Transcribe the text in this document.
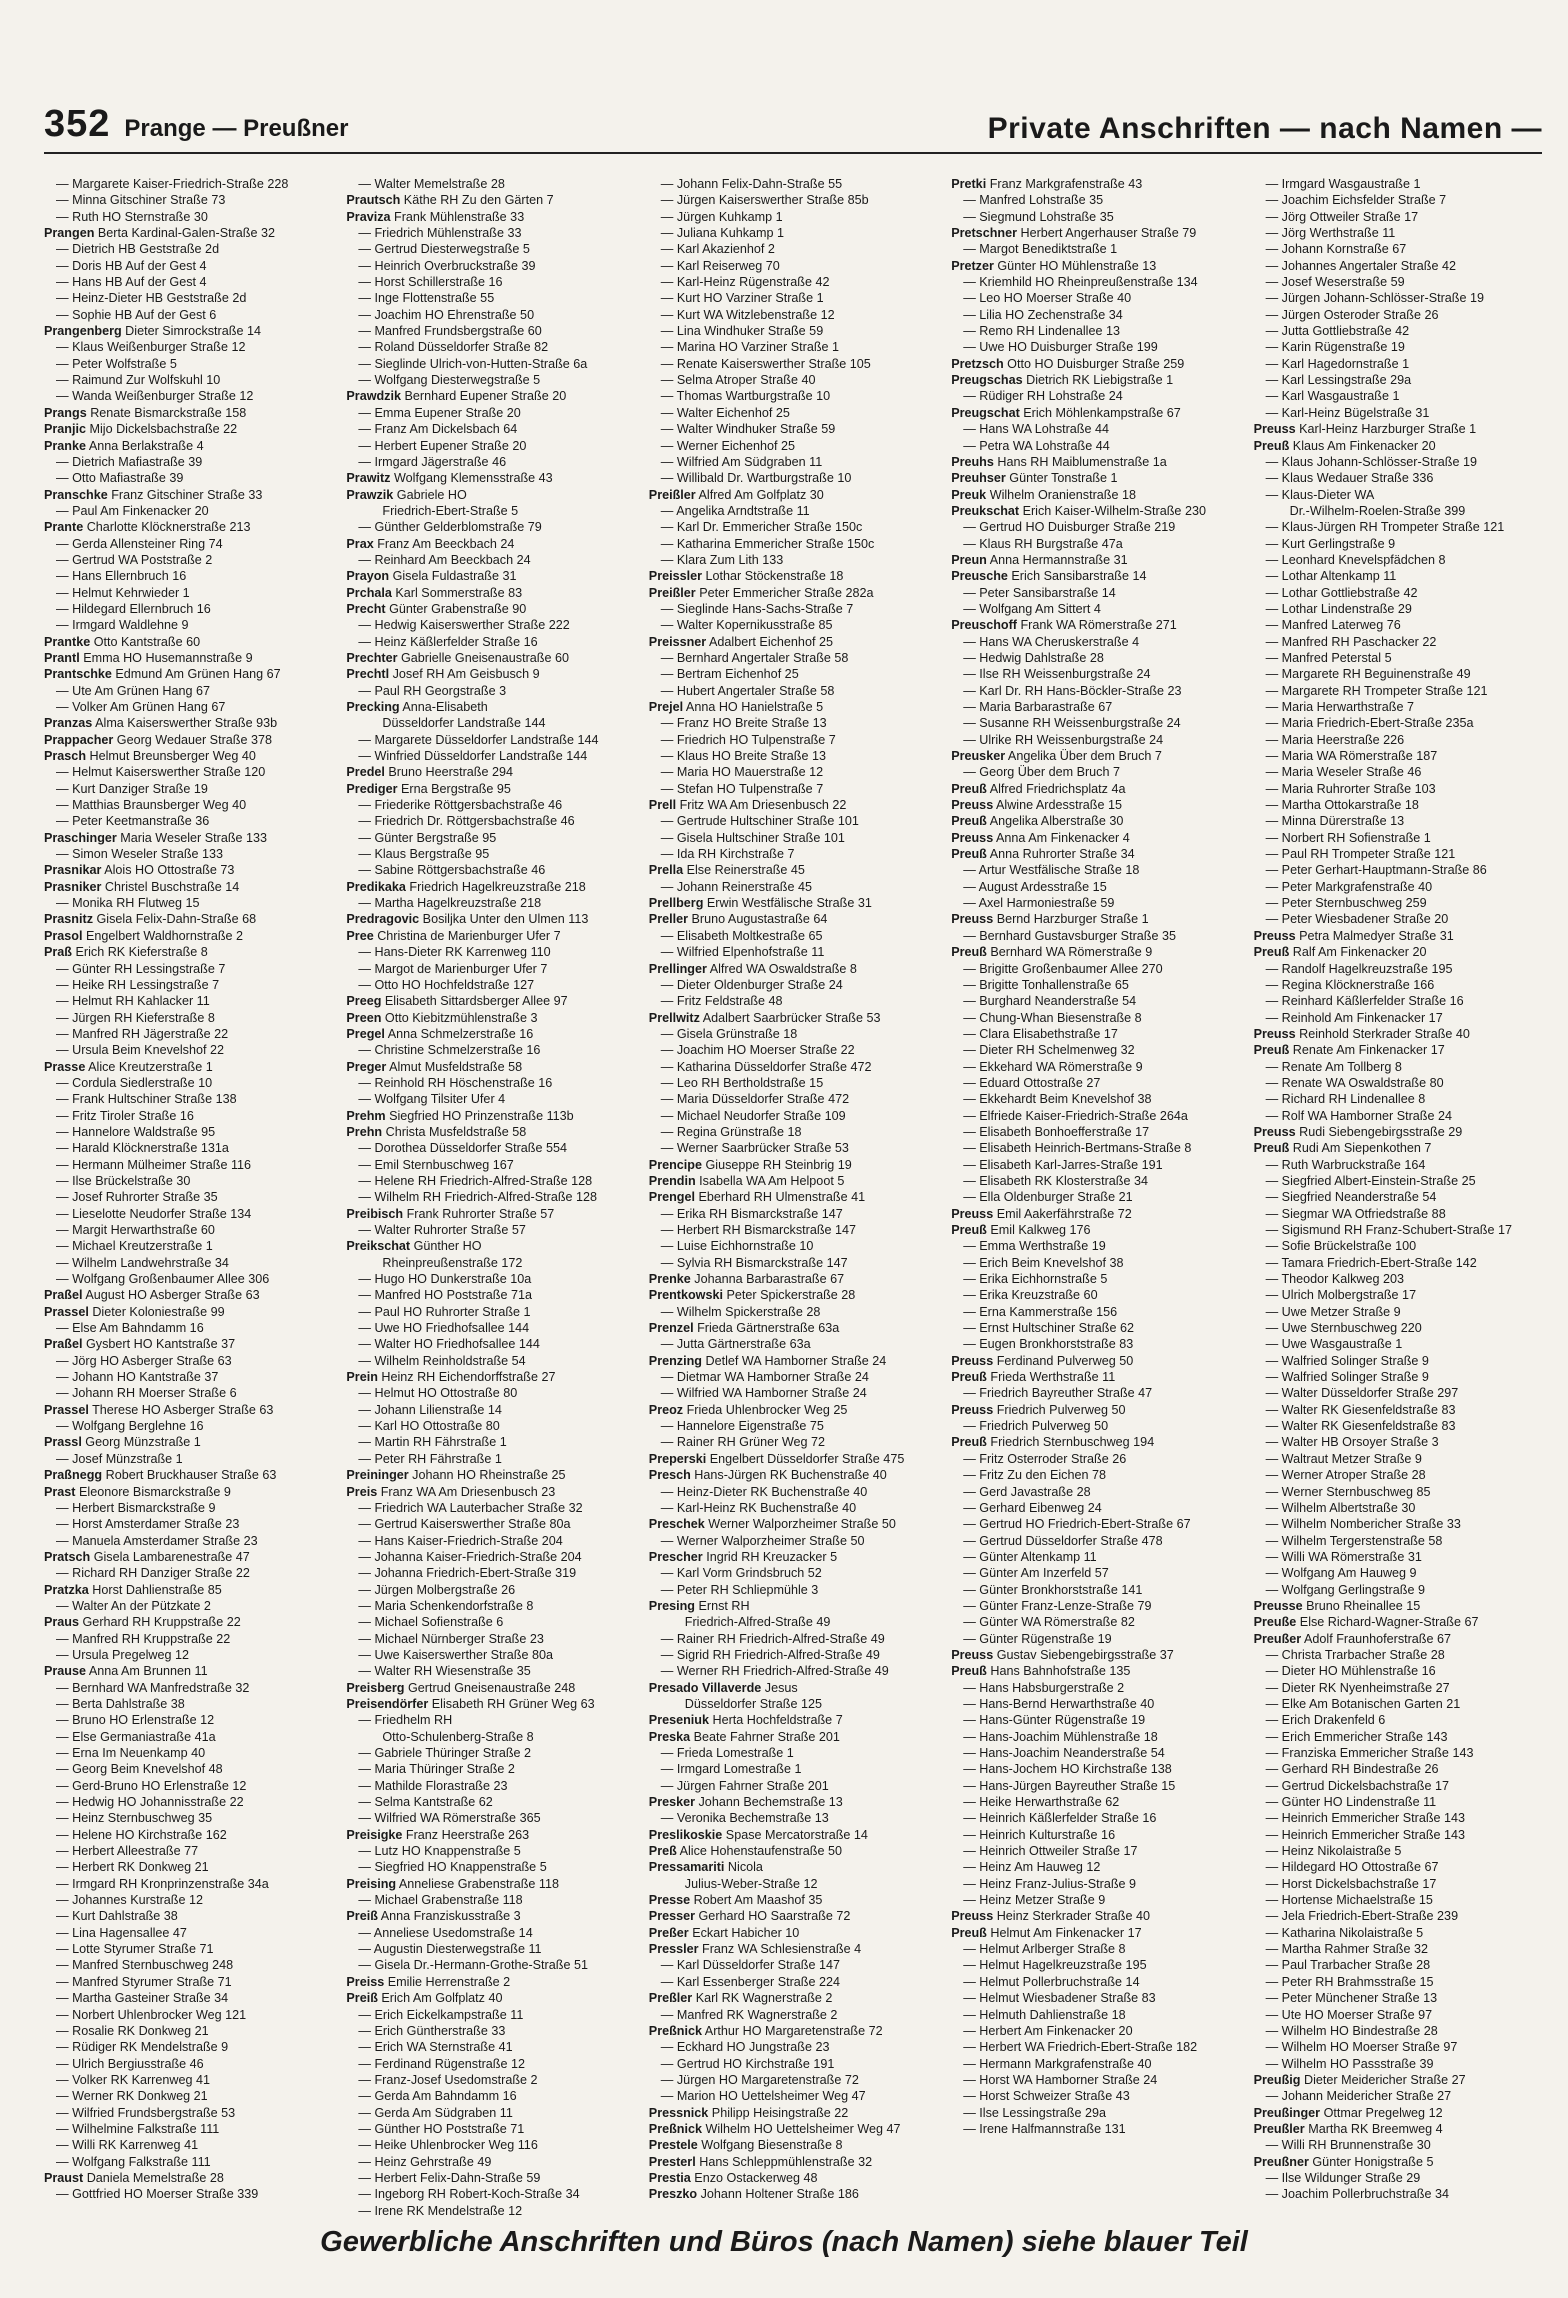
352 Prange — Preußner	Private Anschriften — nach Namen —
— Margarete Kaiser-Friedrich-Straße 228
— Minna Gitschiner Straße 73
— Ruth HO Sternstraße 30
Prangen Berta Kardinal-Galen-Straße 32
— Dietrich HB Geststraße 2d
— Doris HB Auf der Gest 4
— Hans HB Auf der Gest 4
— Heinz-Dieter HB Geststraße 2d
— Sophie HB Auf der Gest 6
Prangenberg Dieter Simrockstraße 14
— Klaus Weißenburger Straße 12
— Peter Wolfstraße 5
— Raimund Zur Wolfskuhl 10
— Wanda Weißenburger Straße 12
Prangs Renate Bismarckstraße 158
Pranjic Mijo Dickelsbachstraße 22
Pranke Anna Berlakstraße 4
— Dietrich Mafiastraße 39
— Otto Mafiastraße 39
Pranschke Franz Gitschiner Straße 33
— Paul Am Finkenacker 20
Prante Charlotte Klöcknerstraße 213
— Gerda Allensteiner Ring 74
— Gertrud WA Poststraße 2
— Hans Ellernbruch 16
— Helmut Kehrwieder 1
— Hildegard Ellernbruch 16
— Irmgard Waldlehne 9
Prantke Otto Kantstraße 60
Prantl Emma HO Husemannstraße 9
Prantschke Edmund Am Grünen Hang 67
— Ute Am Grünen Hang 67
— Volker Am Grünen Hang 67
Pranzas Alma Kaiserswerther Straße 93b
Prappacher Georg Wedauer Straße 378
Prasch Helmut Breunsberger Weg 40
— Helmut Kaiserswerther Straße 120
— Kurt Danziger Straße 19
— Matthias Braunsberger Weg 40
— Peter Keetmanstraße 36
Praschinger Maria Weseler Straße 133
— Simon Weseler Straße 133
Prasnikar Alois HO Ottostraße 73
Prasniker Christel Buschstraße 14
— Monika RH Flutweg 15
Prasnitz Gisela Felix-Dahn-Straße 68
Prasol Engelbert Waldhornstraße 2
Praß Erich RK Kieferstraße 8
— Günter RH Lessingstraße 7
— Heike RH Lessingstraße 7
— Helmut RH Kahlacker 11
— Jürgen RH Kieferstraße 8
— Manfred RH Jägerstraße 22
— Ursula Beim Knevelshof 22
Prasse Alice Kreutzerstraße 1
— Cordula Siedlerstraße 10
— Frank Hultschiner Straße 138
— Fritz Tiroler Straße 16
— Hannelore Waldstraße 95
— Harald Klöcknerstraße 131a
— Hermann Mülheimer Straße 116
— Ilse Brückelstraße 30
— Josef Ruhrorter Straße 35
— Lieselotte Neudorfer Straße 134
— Margit Herwarthstraße 60
— Michael Kreutzerstraße 1
— Wilhelm Landwehrstraße 34
— Wolfgang Großenbaumer Allee 306
Praßel August HO Asberger Straße 63
Prassel Dieter Koloniestraße 99
— Else Am Bahndamm 16
Praßel Gysbert HO Kantstraße 37
— Jörg HO Asberger Straße 63
— Johann HO Kantstraße 37
— Johann RH Moerser Straße 6
Prassel Therese HO Asberger Straße 63
— Wolfgang Berglehne 16
Prassl Georg Münzstraße 1
— Josef Münzstraße 1
Praßnegg Robert Bruckhauser Straße 63
Prast Eleonore Bismarckstraße 9
— Herbert Bismarckstraße 9
— Horst Amsterdamer Straße 23
— Manuela Amsterdamer Straße 23
Pratsch Gisela Lambarenestraße 47
— Richard RH Danziger Straße 22
Pratzka Horst Dahlienstraße 85
— Walter An der Pützkate 2
Praus Gerhard RH Kruppstraße 22
— Manfred RH Kruppstraße 22
— Ursula Pregelweg 12
Prause Anna Am Brunnen 11
— Bernhard WA Manfredstraße 32
— Berta Dahlstraße 38
— Bruno HO Erlenstraße 12
— Else Germaniastraße 41a
— Erna Im Neuenkamp 40
— Georg Beim Knevelshof 48
— Gerd-Bruno HO Erlenstraße 12
— Hedwig HO Johannisstraße 22
— Heinz Sternbuschweg 35
— Helene HO Kirchstraße 162
— Herbert Alleestraße 77
— Herbert RK Donkweg 21
— Irmgard RH Kronprinzenstraße 34a
— Johannes Kurstraße 12
— Kurt Dahlstraße 38
— Lina Hagensallee 47
— Lotte Styrumer Straße 71
— Manfred Sternbuschweg 248
— Manfred Styrumer Straße 71
— Martha Gasteiner Straße 34
— Norbert Uhlenbrocker Weg 121
— Rosalie RK Donkweg 21
— Rüdiger RK Mendelstraße 9
— Ulrich Bergiusstraße 46
— Volker RK Karrenweg 41
— Werner RK Donkweg 21
— Wilfried Frundsbergstraße 53
— Wilhelmine Falkstraße 111
— Willi RK Karrenweg 41
— Wolfgang Falkstraße 111
Praust Daniela Memelstraße 28
— Gottfried HO Moerser Straße 339
— Walter Memelstraße 28
Prautsch Käthe RH Zu den Gärten 7
Praviza Frank Mühlenstraße 33
— Friedrich Mühlenstraße 33
— Gertrud Diesterwegstraße 5
— Heinrich Overbruckstraße 39
— Horst Schillerstraße 16
— Inge Flottenstraße 55
— Joachim HO Ehrenstraße 50
— Manfred Frundsbergstraße 60
— Roland Düsseldorfer Straße 82
— Sieglinde Ulrich-von-Hutten-Straße 6a
— Wolfgang Diesterwegstraße 5
Prawdzik Bernhard Eupener Straße 20
— Emma Eupener Straße 20
— Franz Am Dickelsbach 64
— Herbert Eupener Straße 20
— Irmgard Jägerstraße 46
Prawitz Wolfgang Klemensstraße 43
Prawzik Gabriele HO
Friedrich-Ebert-Straße 5
— Günther Gelderblomstraße 79
Prax Franz Am Beeckbach 24
— Reinhard Am Beeckbach 24
Prayon Gisela Fuldastraße 31
Prchala Karl Sommerstraße 83
Precht Günter Grabenstraße 90
— Hedwig Kaiserswerther Straße 222
— Heinz Käßlerfelder Straße 16
Prechter Gabrielle Gneisenaustraße 60
Prechtl Josef RH Am Geisbusch 9
— Paul RH Georgstraße 3
Precking Anna-Elisabeth
Düsseldorfer Landstraße 144
— Margarete Düsseldorfer Landstraße 144
— Winfried Düsseldorfer Landstraße 144
Predel Bruno Heerstraße 294
Prediger Erna Bergstraße 95
— Friederike Röttgersbachstraße 46
— Friedrich Dr. Röttgersbachstraße 46
— Günter Bergstraße 95
— Klaus Bergstraße 95
— Sabine Röttgersbachstraße 46
Predikaka Friedrich Hagelkreuzstraße 218
— Martha Hagelkreuzstraße 218
Predragovic Bosiljka Unter den Ulmen 113
Pree Christina de Marienburger Ufer 7
— Hans-Dieter RK Karrenweg 110
— Margot de Marienburger Ufer 7
— Otto HO Hochfeldstraße 127
Preeg Elisabeth Sittardsberger Allee 97
Preen Otto Kiebitzmühlenstraße 3
Pregel Anna Schmelzerstraße 16
— Christine Schmelzerstraße 16
Preger Almut Musfeldstraße 58
— Reinhold RH Höschenstraße 16
— Wolfgang Tilsiter Ufer 4
Prehm Siegfried HO Prinzenstraße 113b
Prehn Christa Musfeldstraße 58
— Dorothea Düsseldorfer Straße 554
— Emil Sternbuschweg 167
— Helene RH Friedrich-Alfred-Straße 128
— Wilhelm RH Friedrich-Alfred-Straße 128
Preibisch Frank Ruhrorter Straße 57
— Walter Ruhrorter Straße 57
Preikschat Günther HO
Rheinpreußenstraße 172
— Hugo HO Dunkerstraße 10a
— Manfred HO Poststraße 71a
— Paul HO Ruhrorter Straße 1
— Uwe HO Friedhofsallee 144
— Walter HO Friedhofsallee 144
— Wilhelm Reinholdstraße 54
Prein Heinz RH Eichendorffstraße 27
— Helmut HO Ottostraße 80
— Johann Lilienstraße 14
— Karl HO Ottostraße 80
— Martin RH Fährstraße 1
— Peter RH Fährstraße 1
Preininger Johann HO Rheinstraße 25
Preis Franz WA Am Driesenbusch 23
— Friedrich WA Lauterbacher Straße 32
— Gertrud Kaiserswerther Straße 80a
— Hans Kaiser-Friedrich-Straße 204
— Johanna Kaiser-Friedrich-Straße 204
— Johanna Friedrich-Ebert-Straße 319
— Jürgen Molbergstraße 26
— Maria Schenkendorfstraße 8
— Michael Sofienstraße 6
— Michael Nürnberger Straße 23
— Uwe Kaiserswerther Straße 80a
— Walter RH Wiesenstraße 35
Preisberg Gertrud Gneisenaustraße 248
Preisendörfer Elisabeth RH Grüner Weg 63
— Friedhelm RH
Otto-Schulenberg-Straße 8
— Gabriele Thüringer Straße 2
— Maria Thüringer Straße 2
— Mathilde Florastraße 23
— Selma Kantstraße 62
— Wilfried WA Römerstraße 365
Preisigke Franz Heerstraße 263
— Lutz HO Knappenstraße 5
— Siegfried HO Knappenstraße 5
Preising Anneliese Grabenstraße 118
— Michael Grabenstraße 118
Preiß Anna Franziskusstraße 3
— Anneliese Usedomstraße 14
— Augustin Diesterwegstraße 11
— Gisela Dr.-Hermann-Grothe-Straße 51
Preiss Emilie Herrenstraße 2
Preiß Erich Am Golfplatz 40
— Erich Eickelkampstraße 11
— Erich Güntherstraße 33
— Erich WA Sternstraße 41
— Ferdinand Rügenstraße 12
— Franz-Josef Usedomstraße 2
— Gerda Am Bahndamm 16
— Gerda Am Südgraben 11
— Günther HO Poststraße 71
— Heike Uhlenbrocker Weg 116
— Heinz Gehrstraße 49
— Herbert Felix-Dahn-Straße 59
— Ingeborg RH Robert-Koch-Straße 34
— Irene RK Mendelstraße 12
— Johann Felix-Dahn-Straße 55
— Jürgen Kaiserswerther Straße 85b
— Jürgen Kuhkamp 1
— Juliana Kuhkamp 1
— Karl Akazienhof 2
— Karl Reiserweg 70
— Karl-Heinz Rügenstraße 42
— Kurt HO Varziner Straße 1
— Kurt WA Witzlebenstraße 12
— Lina Windhuker Straße 59
— Marina HO Varziner Straße 1
— Renate Kaiserswerther Straße 105
— Selma Atroper Straße 40
— Thomas Wartburgstraße 10
— Walter Eichenhof 25
— Walter Windhuker Straße 59
— Werner Eichenhof 25
— Wilfried Am Südgraben 11
— Willibald Dr. Wartburgstraße 10
Preißler Alfred Am Golfplatz 30
— Angelika Arndtstraße 11
— Karl Dr. Emmericher Straße 150c
— Katharina Emmericher Straße 150c
— Klara Zum Lith 133
Preissler Lothar Stöckenstraße 18
Preißler Peter Emmericher Straße 282a
— Sieglinde Hans-Sachs-Straße 7
— Walter Kopernikusstraße 85
Preissner Adalbert Eichenhof 25
— Bernhard Angertaler Straße 58
— Bertram Eichenhof 25
— Hubert Angertaler Straße 58
Prejel Anna HO Hanielstraße 5
— Franz HO Breite Straße 13
— Friedrich HO Tulpenstraße 7
— Klaus HO Breite Straße 13
— Maria HO Mauerstraße 12
— Stefan HO Tulpenstraße 7
Prell Fritz WA Am Driesenbusch 22
— Gertrude Hultschiner Straße 101
— Gisela Hultschiner Straße 101
— Ida RH Kirchstraße 7
Prella Else Reinerstraße 45
— Johann Reinerstraße 45
Prellberg Erwin Westfälische Straße 31
Preller Bruno Augustastraße 64
— Elisabeth Moltkestraße 65
— Wilfried Elpenhofstraße 11
Prellinger Alfred WA Oswaldstraße 8
— Dieter Oldenburger Straße 24
— Fritz Feldstraße 48
Prellwitz Adalbert Saarbrücker Straße 53
— Gisela Grünstraße 18
— Joachim HO Moerser Straße 22
— Katharina Düsseldorfer Straße 472
— Leo RH Bertholdstraße 15
— Maria Düsseldorfer Straße 472
— Michael Neudorfer Straße 109
— Regina Grünstraße 18
— Werner Saarbrücker Straße 53
Prencipe Giuseppe RH Steinbrig 19
Prendin Isabella WA Am Helpoot 5
Prengel Eberhard RH Ulmenstraße 41
— Erika RH Bismarckstraße 147
— Herbert RH Bismarckstraße 147
— Luise Eichhornstraße 10
— Sylvia RH Bismarckstraße 147
Prenke Johanna Barbarastraße 67
Prentkowski Peter Spickerstraße 28
— Wilhelm Spickerstraße 28
Prenzel Frieda Gärtnerstraße 63a
— Jutta Gärtnerstraße 63a
Prenzing Detlef WA Hamborner Straße 24
— Dietmar WA Hamborner Straße 24
— Wilfried WA Hamborner Straße 24
Preoz Frieda Uhlenbrocker Weg 25
— Hannelore Eigenstraße 75
— Rainer RH Grüner Weg 72
Preperski Engelbert Düsseldorfer Straße 475
Presch Hans-Jürgen RK Buchenstraße 40
— Heinz-Dieter RK Buchenstraße 40
— Karl-Heinz RK Buchenstraße 40
Preschek Werner Walporzheimer Straße 50
— Werner Walporzheimer Straße 50
Prescher Ingrid RH Kreuzacker 5
— Karl Vorm Grindsbruch 52
— Peter RH Schliepmühle 3
Presing Ernst RH
Friedrich-Alfred-Straße 49
— Rainer RH Friedrich-Alfred-Straße 49
— Sigrid RH Friedrich-Alfred-Straße 49
— Werner RH Friedrich-Alfred-Straße 49
Presado Villaverde Jesus
Düsseldorfer Straße 125
Preseniuk Herta Hochfeldstraße 7
Preska Beate Fahrner Straße 201
— Frieda Lomestraße 1
— Irmgard Lomestraße 1
— Jürgen Fahrner Straße 201
Presker Johann Bechemstraße 13
— Veronika Bechemstraße 13
Preslikoskie Spase Mercatorstraße 14
Preß Alice Hohenstaufenstraße 50
Pressamariti Nicola
Julius-Weber-Straße 12
Presse Robert Am Maashof 35
Presser Gerhard HO Saarstraße 72
Preßer Eckart Habicher 10
Pressler Franz WA Schlesienstraße 4
— Karl Düsseldorfer Straße 147
— Karl Essenberger Straße 224
Preßler Karl RK Wagnerstraße 2
— Manfred RK Wagnerstraße 2
Preßnick Arthur HO Margaretenstraße 72
— Eckhard HO Jungstraße 23
— Gertrud HO Kirchstraße 191
— Jürgen HO Margaretenstraße 72
— Marion HO Uettelsheimer Weg 47
Pressnick Philipp Heisingstraße 22
Preßnick Wilhelm HO Uettelsheimer Weg 47
Prestele Wolfgang Biesenstraße 8
Presterl Hans Schleppmühlenstraße 32
Prestia Enzo Ostackerweg 48
Preszko Johann Holtener Straße 186
Pretki Franz Markgrafenstraße 43
— Manfred Lohstraße 35
— Siegmund Lohstraße 35
Pretschner Herbert Angerhauser Straße 79
— Margot Benediktstraße 1
Pretzer Günter HO Mühlenstraße 13
— Kriemhild HO Rheinpreußenstraße 134
— Leo HO Moerser Straße 40
— Lilia HO Zechenstraße 34
— Remo RH Lindenallee 13
— Uwe HO Duisburger Straße 199
Pretzsch Otto HO Duisburger Straße 259
Preugschas Dietrich RK Liebigstraße 1
— Rüdiger RH Lohstraße 24
Preugschat Erich Möhlenkampstraße 67
— Hans WA Lohstraße 44
— Petra WA Lohstraße 44
Preuhs Hans RH Maiblumenstraße 1a
Preuhser Günter Tonstraße 1
Preuk Wilhelm Oranienstraße 18
Preukschat Erich Kaiser-Wilhelm-Straße 230
— Gertrud HO Duisburger Straße 219
— Klaus RH Burgstraße 47a
Preun Anna Hermannstraße 31
Preusche Erich Sansibarstraße 14
— Peter Sansibarstraße 14
— Wolfgang Am Sittert 4
Preuschoff Frank WA Römerstraße 271
— Hans WA Cheruskerstraße 4
— Hedwig Dahlstraße 28
— Ilse RH Weissenburgstraße 24
— Karl Dr. RH Hans-Böckler-Straße 23
— Maria Barbarastraße 67
— Susanne RH Weissenburgstraße 24
— Ulrike RH Weissenburgstraße 24
Preusker Angelika Über dem Bruch 7
— Georg Über dem Bruch 7
Preuß Alfred Friedrichsplatz 4a
Preuss Alwine Ardesstraße 15
Preuß Angelika Alberstraße 30
Preuss Anna Am Finkenacker 4
Preuß Anna Ruhrorter Straße 34
— Artur Westfälische Straße 18
— August Ardesstraße 15
— Axel Harmoniestraße 59
Preuss Bernd Harzburger Straße 1
— Bernhard Gustavsburger Straße 35
Preuß Bernhard WA Römerstraße 9
— Brigitte Großenbaumer Allee 270
— Brigitte Tonhallenstraße 65
— Burghard Neanderstraße 54
— Chung-Whan Biesenstraße 8
— Clara Elisabethstraße 17
— Dieter RH Schelmenweg 32
— Ekkehard WA Römerstraße 9
— Eduard Ottostraße 27
— Ekkehardt Beim Knevelshof 38
— Elfriede Kaiser-Friedrich-Straße 264a
— Elisabeth Bonhoefferstraße 17
— Elisabeth Heinrich-Bertmans-Straße 8
— Elisabeth Karl-Jarres-Straße 191
— Elisabeth RK Klosterstraße 34
— Ella Oldenburger Straße 21
Preuss Emil Aakerfährstraße 72
Preuß Emil Kalkweg 176
— Emma Werthstraße 19
— Erich Beim Knevelshof 38
— Erika Eichhornstraße 5
— Erika Kreuzstraße 60
— Erna Kammerstraße 156
— Ernst Hultschiner Straße 62
— Eugen Bronkhorststraße 83
Preuss Ferdinand Pulverweg 50
Preuß Frieda Werthstraße 11
— Friedrich Bayreuther Straße 47
Preuss Friedrich Pulverweg 50
— Friedrich Pulverweg 50
Preuß Friedrich Sternbuschweg 194
— Fritz Osterroder Straße 26
— Fritz Zu den Eichen 78
— Gerd Javastraße 28
— Gerhard Eibenweg 24
— Gertrud HO Friedrich-Ebert-Straße 67
— Gertrud Düsseldorfer Straße 478
— Günter Altenkamp 11
— Günter Am Inzerfeld 57
— Günter Bronkhorststraße 141
— Günter Franz-Lenze-Straße 79
— Günter WA Römerstraße 82
— Günter Rügenstraße 19
Preuss Gustav Siebengebirgsstraße 37
Preuß Hans Bahnhofstraße 135
— Hans Habsburgerstraße 2
— Hans-Bernd Herwarthstraße 40
— Hans-Günter Rügenstraße 19
— Hans-Joachim Mühlenstraße 18
— Hans-Joachim Neanderstraße 54
— Hans-Jochem HO Kirchstraße 138
— Hans-Jürgen Bayreuther Straße 15
— Heike Herwarthstraße 62
— Heinrich Käßlerfelder Straße 16
— Heinrich Kulturstraße 16
— Heinrich Ottweiler Straße 17
— Heinz Am Hauweg 12
— Heinz Franz-Julius-Straße 9
— Heinz Metzer Straße 9
Preuss Heinz Sterkrader Straße 40
Preuß Helmut Am Finkenacker 17
— Helmut Arlberger Straße 8
— Helmut Hagelkreuzstraße 195
— Helmut Pollerbruchstraße 14
— Helmut Wiesbadener Straße 83
— Helmuth Dahlienstraße 18
— Herbert Am Finkenacker 20
— Herbert WA Friedrich-Ebert-Straße 182
— Hermann Markgrafenstraße 40
— Horst WA Hamborner Straße 24
— Horst Schweizer Straße 43
— Ilse Lessingstraße 29a
— Irene Halfmannstraße 131
— Irmgard Wasgaustraße 1
— Joachim Eichsfelder Straße 7
— Jörg Ottweiler Straße 17
— Jörg Werthstraße 11
— Johann Kornstraße 67
— Johannes Angertaler Straße 42
— Josef Weserstraße 59
— Jürgen Johann-Schlösser-Straße 19
— Jürgen Osteroder Straße 26
— Jutta Gottliebstraße 42
— Karin Rügenstraße 19
— Karl Hagedornstraße 1
— Karl Lessingstraße 29a
— Karl Wasgaustraße 1
— Karl-Heinz Bügelstraße 31
Preuss Karl-Heinz Harzburger Straße 1
Preuß Klaus Am Finkenacker 20
— Klaus Johann-Schlösser-Straße 19
— Klaus Wedauer Straße 336
— Klaus-Dieter WA
Dr.-Wilhelm-Roelen-Straße 399
— Klaus-Jürgen RH Trompeter Straße 121
— Kurt Gerlingstraße 9
— Leonhard Knevelspfädchen 8
— Lothar Altenkamp 11
— Lothar Gottliebstraße 42
— Lothar Lindenstraße 29
— Manfred Laterweg 76
— Manfred RH Paschacker 22
— Manfred Peterstal 5
— Margarete RH Beguinenstraße 49
— Margarete RH Trompeter Straße 121
— Maria Herwarthstraße 7
— Maria Friedrich-Ebert-Straße 235a
— Maria Heerstraße 226
— Maria WA Römerstraße 187
— Maria Weseler Straße 46
— Maria Ruhrorter Straße 103
— Martha Ottokarstraße 18
— Minna Dürerstraße 13
— Norbert RH Sofienstraße 1
— Paul RH Trompeter Straße 121
— Peter Gerhart-Hauptmann-Straße 86
— Peter Markgrafenstraße 40
— Peter Sternbuschweg 259
— Peter Wiesbadener Straße 20
Preuss Petra Malmedyer Straße 31
Preuß Ralf Am Finkenacker 20
— Randolf Hagelkreuzstraße 195
— Regina Klöcknerstraße 166
— Reinhard Käßlerfelder Straße 16
— Reinhold Am Finkenacker 17
Preuss Reinhold Sterkrader Straße 40
Preuß Renate Am Finkenacker 17
— Renate Am Tollberg 8
— Renate WA Oswaldstraße 80
— Richard RH Lindenallee 8
— Rolf WA Hamborner Straße 24
Preuss Rudi Siebengebirgsstraße 29
Preuß Rudi Am Siepenkothen 7
— Ruth Warbruckstraße 164
— Siegfried Albert-Einstein-Straße 25
— Siegfried Neanderstraße 54
— Siegmar WA Otfriedstraße 88
— Sigismund RH Franz-Schubert-Straße 17
— Sofie Brückelstraße 100
— Tamara Friedrich-Ebert-Straße 142
— Theodor Kalkweg 203
— Ulrich Molbergstraße 17
— Uwe Metzer Straße 9
— Uwe Sternbuschweg 220
— Uwe Wasgaustraße 1
— Walfried Solinger Straße 9
— Walfried Solinger Straße 9
— Walter Düsseldorfer Straße 297
— Walter RK Giesenfeldstraße 83
— Walter RK Giesenfeldstraße 83
— Walter HB Orsoyer Straße 3
— Waltraut Metzer Straße 9
— Werner Atroper Straße 28
— Werner Sternbuschweg 85
— Wilhelm Albertstraße 30
— Wilhelm Nombericher Straße 33
— Wilhelm Tergerstenstraße 58
— Willi WA Römerstraße 31
— Wolfgang Am Hauweg 9
— Wolfgang Gerlingstraße 9
Preusse Bruno Rheinallee 15
Preuße Else Richard-Wagner-Straße 67
Preußer Adolf Fraunhoferstraße 67
— Christa Trarbacher Straße 28
— Dieter HO Mühlenstraße 16
— Dieter RK Nyenheimstraße 27
— Elke Am Botanischen Garten 21
— Erich Drakenfeld 6
— Erich Emmericher Straße 143
— Franziska Emmericher Straße 143
— Gerhard RH Bindestraße 26
— Gertrud Dickelsbachstraße 17
— Günter HO Lindenstraße 11
— Heinrich Emmericher Straße 143
— Heinrich Emmericher Straße 143
— Heinz Nikolaistraße 5
— Hildegard HO Ottostraße 67
— Horst Dickelsbachstraße 17
— Hortense Michaelstraße 15
— Jela Friedrich-Ebert-Straße 239
— Katharina Nikolaistraße 5
— Martha Rahmer Straße 32
— Paul Trarbacher Straße 28
— Peter RH Brahmsstraße 15
— Peter Münchener Straße 13
— Ute HO Moerser Straße 97
— Wilhelm HO Bindestraße 28
— Wilhelm HO Moerser Straße 97
— Wilhelm HO Passstraße 39
Preußig Dieter Meidericher Straße 27
— Johann Meidericher Straße 27
Preußinger Ottmar Pregelweg 12
Preußler Martha RK Breemweg 4
— Willi RH Brunnenstraße 30
Preußner Günter Honigstraße 5
— Ilse Wildunger Straße 29
— Joachim Pollerbruchstraße 34
Gewerbliche Anschriften und Büros (nach Namen) siehe blauer Teil
